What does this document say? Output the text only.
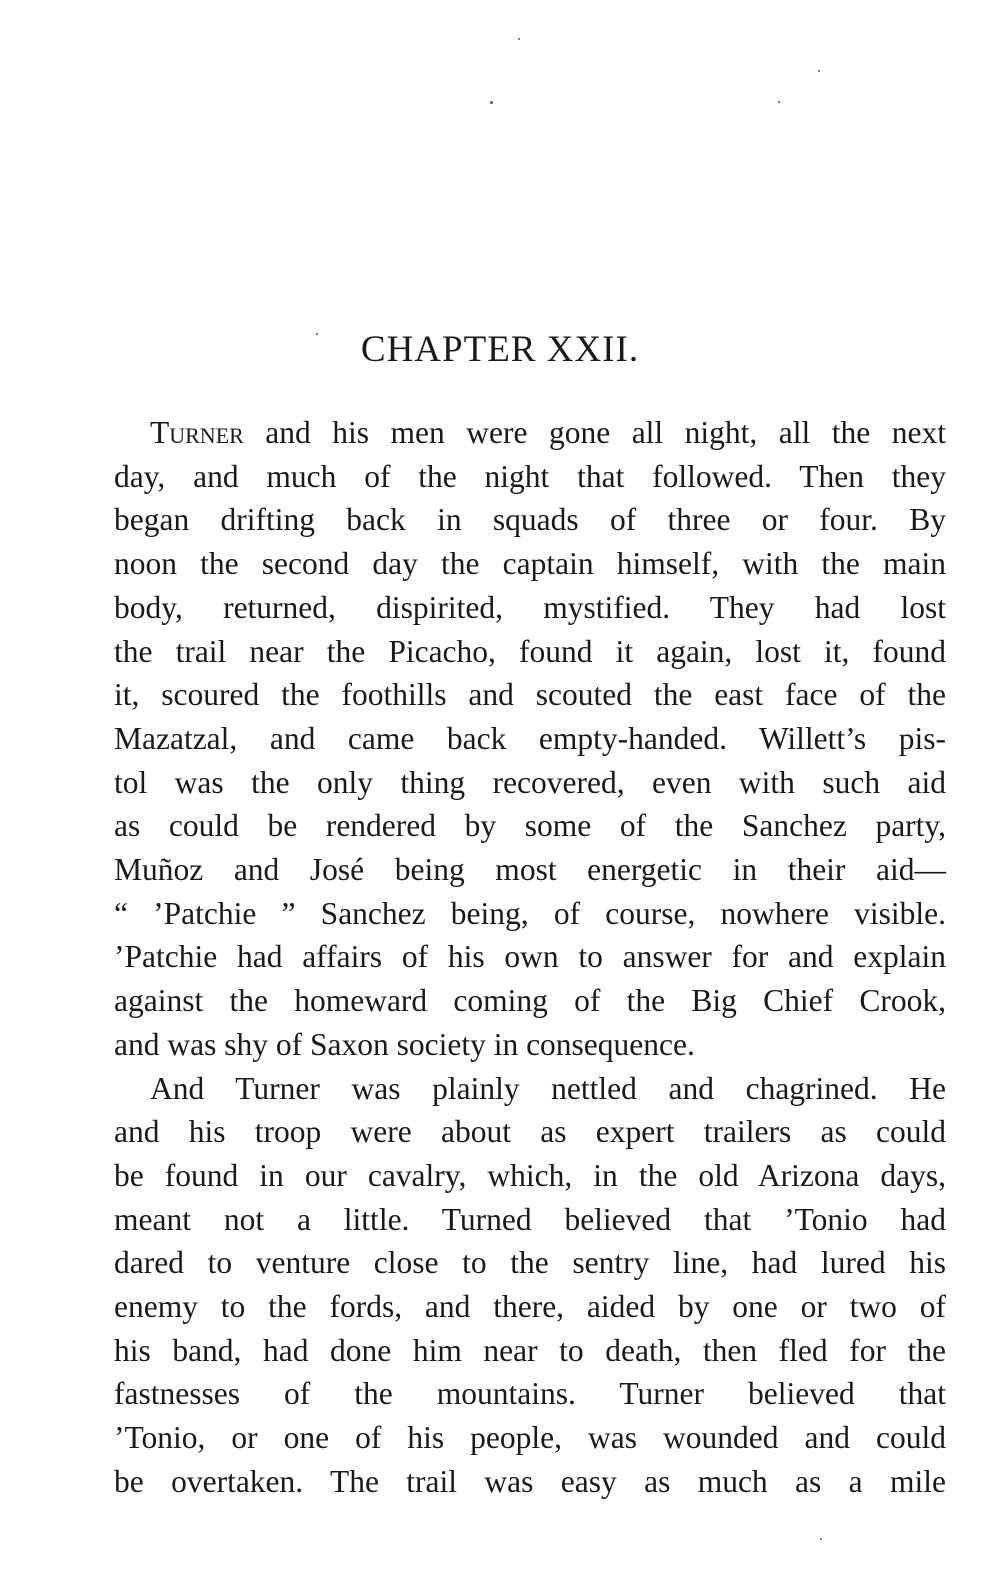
CHAPTER XXII.

Turner and his men were gone all night, all the next
day, and much of the night that followed. Then they
began drifting back in squads of three or four. By
noon the second day the captain himself, with the main
body, returned, dispirited, mystified. They had lost
the trail near the Picacho, found it again, lost it, found
it, scoured the foothills and scouted the east face of the
Mazatzal, and came back empty-handed. Willett’s pis-
tol was the only thing recovered, even with such aid
as could be rendered by some of the Sanchez party,
Muñoz and José being most energetic in their aid—
“ ’Patchie ” Sanchez being, of course, nowhere visible.
’Patchie had affairs of his own to answer for and explain
against the homeward coming of the Big Chief Crook,
and was shy of Saxon society in consequence.

And Turner was plainly nettled and chagrined. He
and his troop were about as expert trailers as could
be found in our cavalry, which, in the old Arizona days,
meant not a little. Turned believed that ’Tonio had
dared to venture close to the sentry line, had lured his
enemy to the fords, and there, aided by one or two of
his band, had done him near to death, then fled for the
fastnesses of the mountains. Turner believed that
’Tonio, or one of his people, was wounded and could
be overtaken. The trail was easy as much as a mile
